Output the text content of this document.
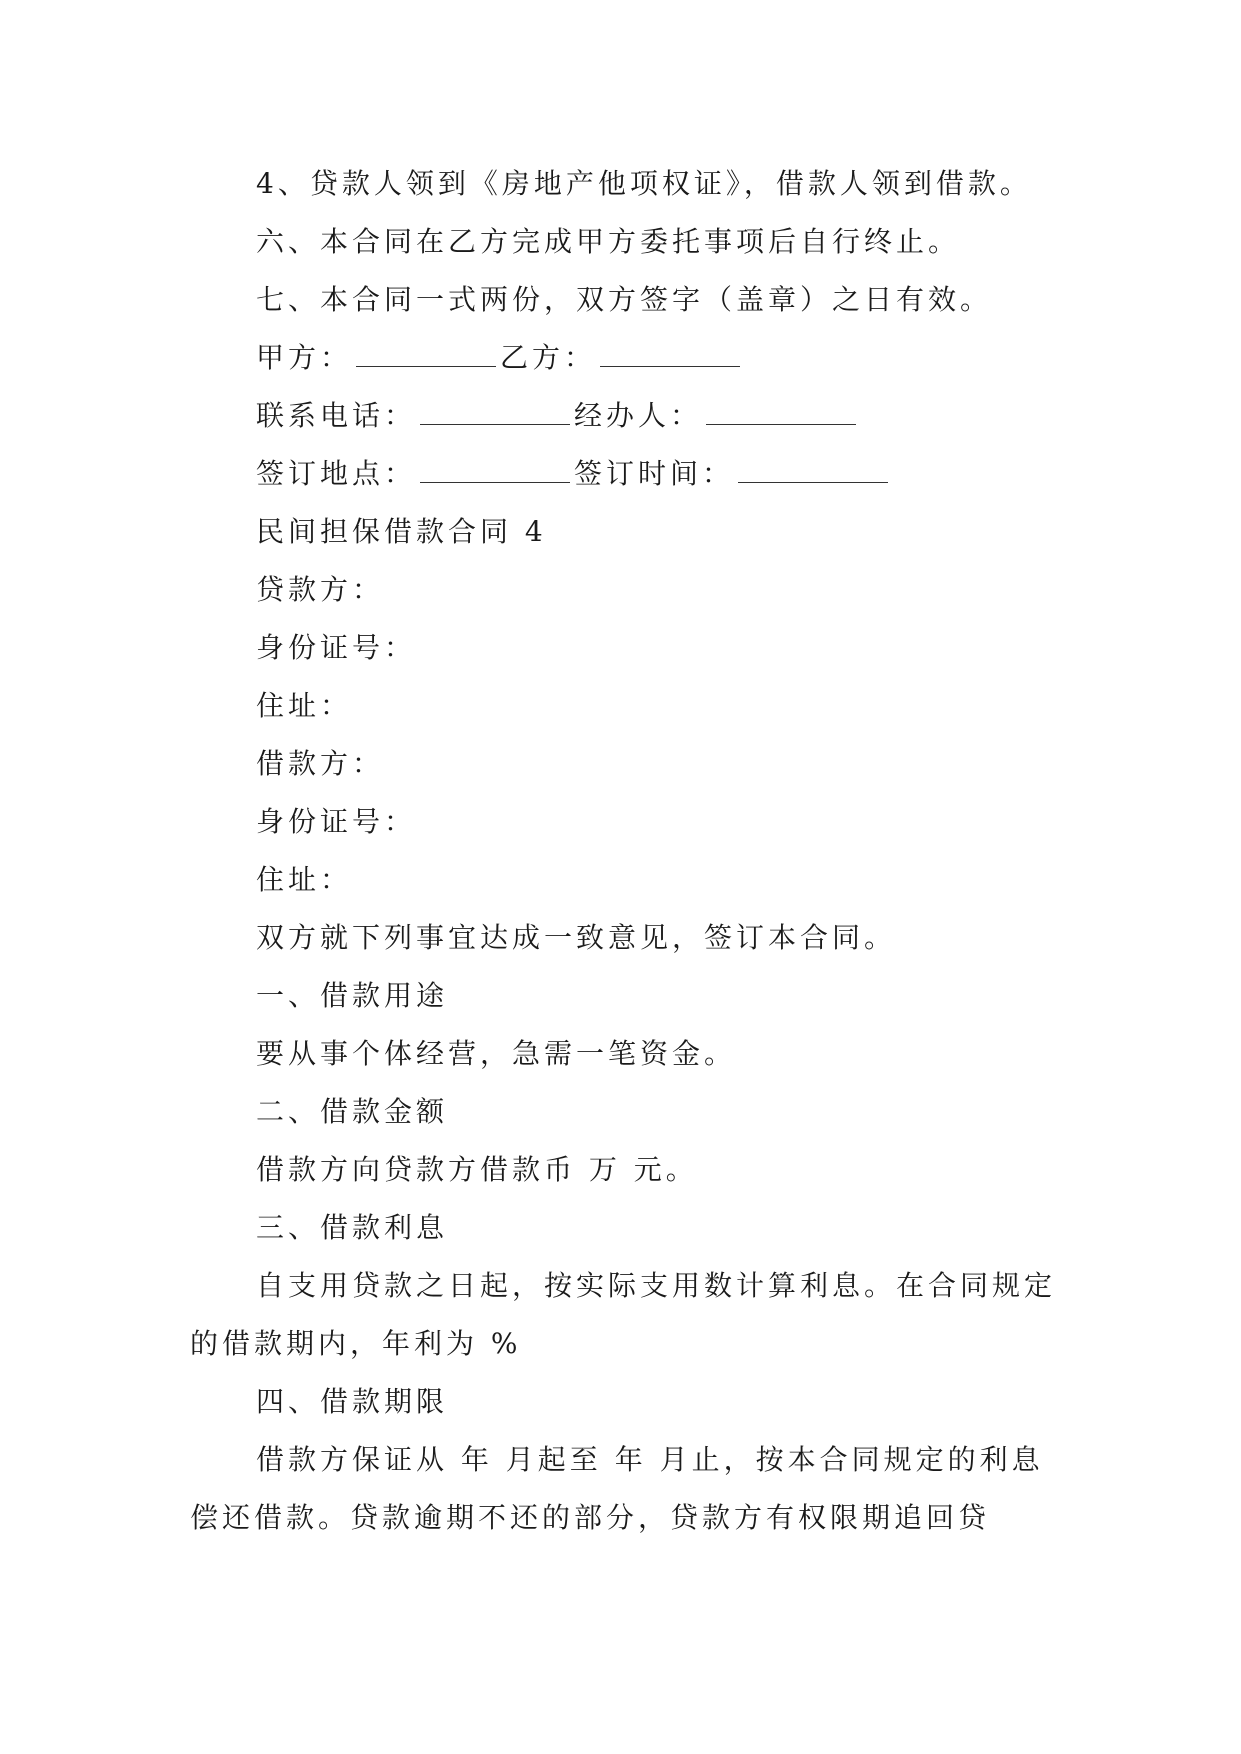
4、贷款人领到《房地产他项权证》，借款人领到借款。
六、本合同在乙方完成甲方委托事项后自行终止。
七、本合同一式两份，双方签字（盖章）之日有效。
甲方：	乙方：
联系电话：	经办人：
签订地点：	签订时间：
民间担保借款合同 4
贷款方：
身份证号：
住址：
借款方：
身份证号：
住址：
双方就下列事宜达成一致意见，签订本合同。
一、借款用途
要从事个体经营，急需一笔资金。
二、借款金额
借款方向贷款方借款币 万 元。
三、借款利息

自支用贷款之日起，按实际支用数计算利息。在合同规定的借款期内，年利为 %

四、借款期限

借款方保证从 年 月起至 年 月止，按本合同规定的利息偿还借款。贷款逾期不还的部分，贷款方有权限期追回贷
